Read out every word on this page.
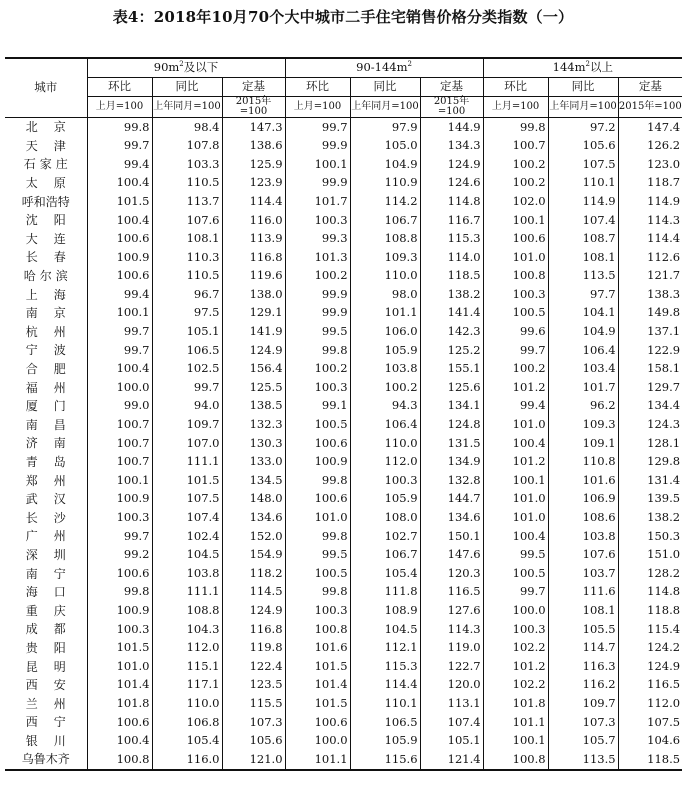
表4：2018年10月70个大中城市二手住宅销售价格分类指数（一）
城市	$90m^2$及以下			$90-144m^2$			$144m^2$以上		
	环比	同比	定基	环比	同比	定基	环比	同比	定基
	上月=100	上年同月=100	2015年=100	上月=100	上年同月=100	2015年=100	上月=100	上年同月=100	2015年=100
北京	99.8	98.4	147.3	99.7	97.9	144.9	99.8	97.2	147.4
天津	99.7	107.8	138.6	99.9	105.0	134.3	100.7	105.6	126.2
石家庄	99.4	103.3	125.9	100.1	104.9	124.9	100.2	107.5	123.0
太原	100.4	110.5	123.9	99.9	110.9	124.6	100.2	110.1	118.7
呼和浩特	101.5	113.7	114.4	101.7	114.2	114.8	102.0	114.9	114.9
沈阳	100.4	107.6	116.0	100.3	106.7	116.7	100.1	107.4	114.3
大连	100.6	108.1	113.9	99.3	108.8	115.3	100.6	108.7	114.4
长春	100.9	110.3	116.8	101.3	109.3	114.0	101.0	108.1	112.6
哈尔滨	100.6	110.5	119.6	100.2	110.0	118.5	100.8	113.5	121.7
上海	99.4	96.7	138.0	99.9	98.0	138.2	100.3	97.7	138.3
南京	100.1	97.5	129.1	99.9	101.1	141.4	100.5	104.1	149.8
杭州	99.7	105.1	141.9	99.5	106.0	142.3	99.6	104.9	137.1
宁波	99.7	106.5	124.9	99.8	105.9	125.2	99.7	106.4	122.9
合肥	100.4	102.5	156.4	100.2	103.8	155.1	100.2	103.4	158.1
福州	100.0	99.7	125.5	100.3	100.2	125.6	101.2	101.7	129.7
厦门	99.0	94.0	138.5	99.1	94.3	134.1	99.4	96.2	134.4
南昌	100.7	109.7	132.3	100.5	106.4	124.8	101.0	109.3	124.3
济南	100.7	107.0	130.3	100.6	110.0	131.5	100.4	109.1	128.1
青岛	100.7	111.1	133.0	100.9	112.0	134.9	101.2	110.8	129.8
郑州	100.1	101.5	134.5	99.8	100.3	132.8	100.1	101.6	131.4
武汉	100.9	107.5	148.0	100.6	105.9	144.7	101.0	106.9	139.5
长沙	100.3	107.4	134.6	101.0	108.0	134.6	101.0	108.6	138.2
广州	99.7	102.4	152.0	99.8	102.7	150.1	100.4	103.8	150.3
深圳	99.2	104.5	154.9	99.5	106.7	147.6	99.5	107.6	151.0
南宁	100.6	103.8	118.2	100.5	105.4	120.3	100.5	103.7	128.2
海口	99.8	111.1	114.5	99.8	111.8	116.5	99.7	111.6	114.8
重庆	100.9	108.8	124.9	100.3	108.9	127.6	100.0	108.1	118.8
成都	100.3	104.3	116.8	100.8	104.5	114.3	100.3	105.5	115.4
贵阳	101.5	112.0	119.8	101.6	112.1	119.0	102.2	114.7	124.2
昆明	101.0	115.1	122.4	101.5	115.3	122.7	101.2	116.3	124.9
西安	101.4	117.1	123.5	101.4	114.4	120.0	102.2	116.2	116.5
兰州	101.8	110.0	115.5	101.5	110.1	113.1	101.8	109.7	112.0
西宁	100.6	106.8	107.3	100.6	106.5	107.4	101.1	107.3	107.5
银川	100.4	105.4	105.6	100.0	105.9	105.1	100.1	105.7	104.6
乌鲁木齐	100.8	116.0	121.0	101.1	115.6	121.4	100.8	113.5	118.5
